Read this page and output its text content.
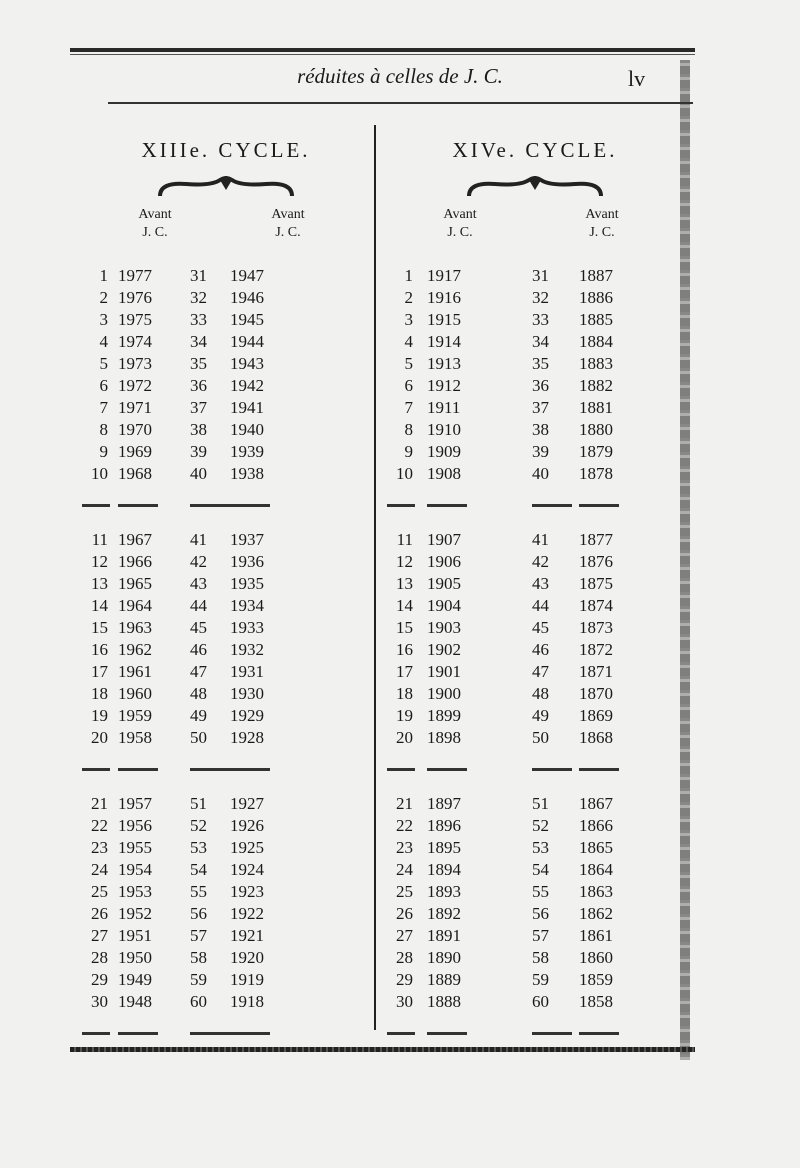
réduites à celles de J. C.	lv
XIIIe. CYCLE.
Avant
J. C.
Avant
J. C.
1 1977 31 1947
2 1976 32 1946
3 1975 33 1945
4 1974 34 1944
5 1973 35 1943
6 1972 36 1942
7 1971 37 1941
8 1970 38 1940
9 1969 39 1939
10 1968 40 1938
11 1967 41 1937
12 1966 42 1936
13 1965 43 1935
14 1964 44 1934
15 1963 45 1933
16 1962 46 1932
17 1961 47 1931
18 1960 48 1930
19 1959 49 1929
20 1958 50 1928
21 1957 51 1927
22 1956 52 1926
23 1955 53 1925
24 1954 54 1924
25 1953 55 1923
26 1952 56 1922
27 1951 57 1921
28 1950 58 1920
29 1949 59 1919
30 1948 60 1918
XIVe. CYCLE.
Avant
J. C.
Avant
J. C.
1 1917	31 1887
2 1916	32 1886
3 1915	33 1885
4 1914	34 1884
5 1913	35 1883
6 1912	36 1882
7 1911	37 1881
8 1910	38 1880
9 1909	39 1879
10 1908	40 1878
11 1907	41 1877
12 1906	42 1876
13 1905	43 1875
14 1904	44 1874
15 1903	45 1873
16 1902	46 1872
17 1901	47 1871
18 1900	48 1870
19 1899	49 1869
20 1898	50 1868
21 1897	51 1867
22 1896	52 1866
23 1895	53 1865
24 1894	54 1864
25 1893	55 1863
26 1892	56 1862
27 1891	57 1861
28 1890	58 1860
29 1889	59 1859
30 1888	60 1858
